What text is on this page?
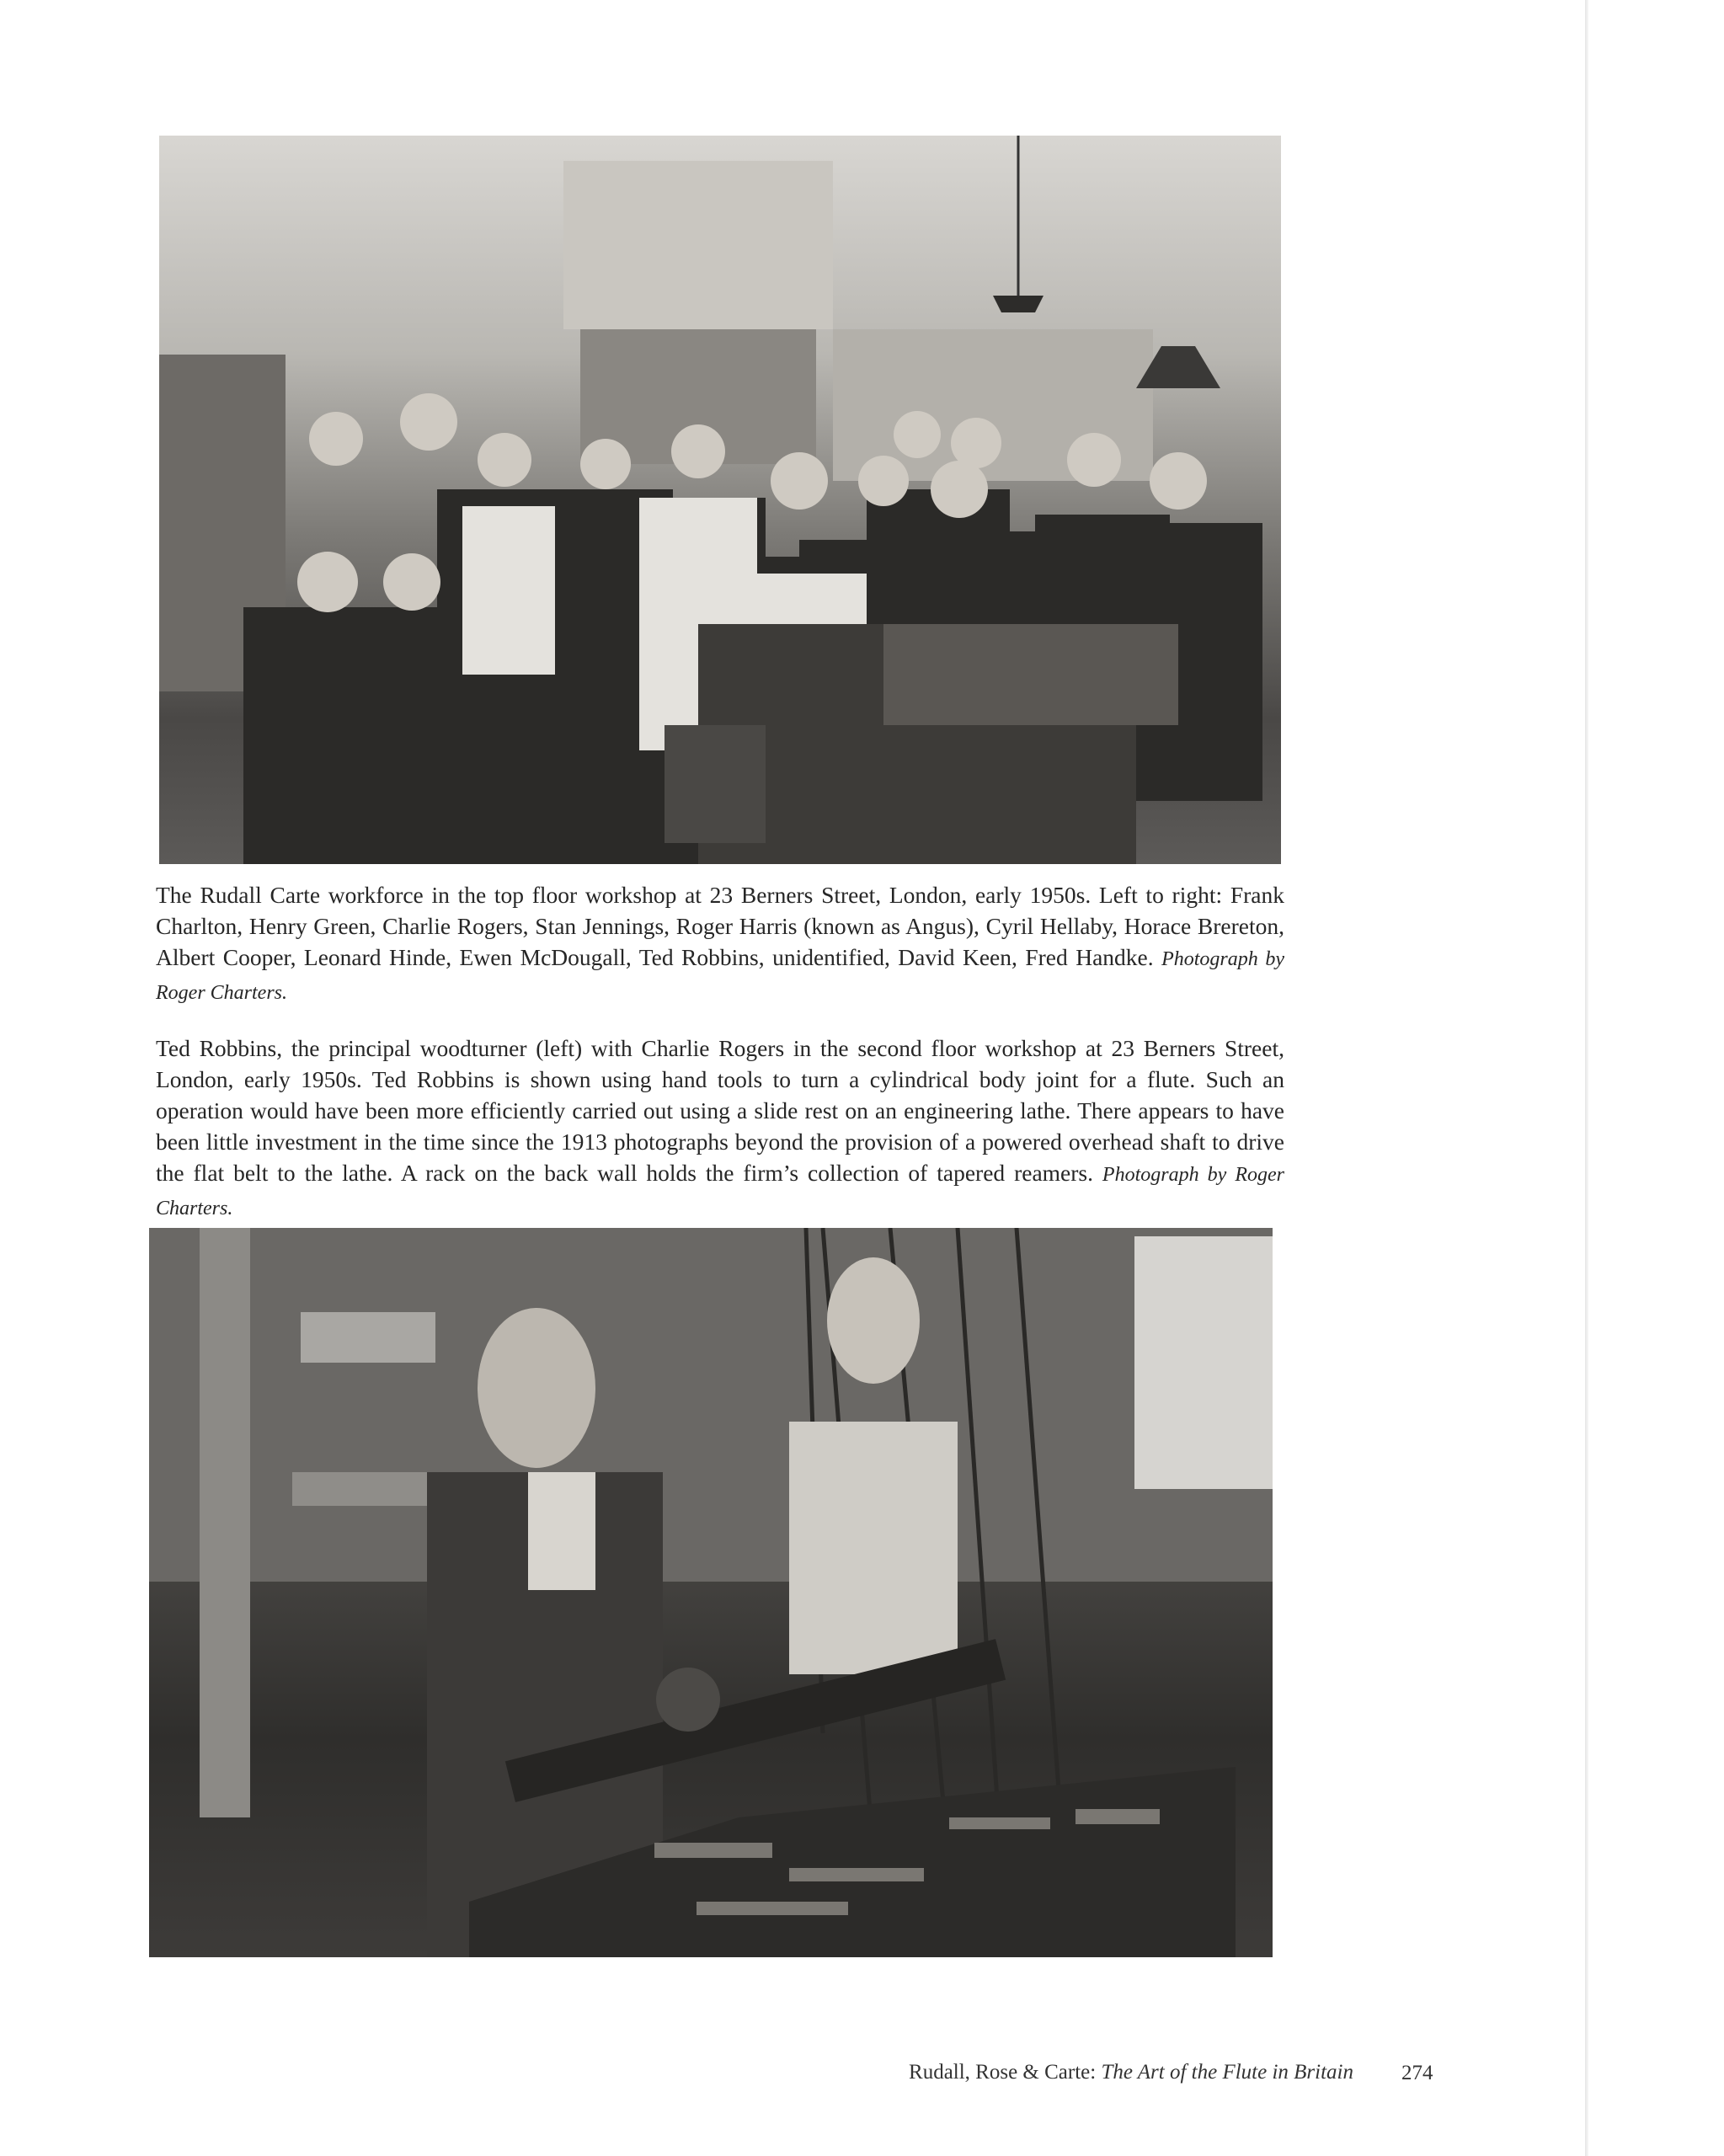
The Rudall Carte workforce in the top floor workshop at 23 Berners Street, London, early 1950s. Left to right: Frank Charlton, Henry Green, Charlie Rogers, Stan Jennings, Roger Harris (known as Angus), Cyril Hellaby, Horace Brereton, Albert Cooper, Leonard Hinde, Ewen McDougall, Ted Robbins, unidentified, David Keen, Fred Handke. Photograph by Roger Charters.

Ted Robbins, the principal woodturner (left) with Charlie Rogers in the second floor workshop at 23 Berners Street, London, early 1950s. Ted Robbins is shown using hand tools to turn a cylindrical body joint for a flute. Such an operation would have been more efficiently carried out using a slide rest on an engineering lathe. There appears to have been little investment in the time since the 1913 photographs beyond the provision of a powered overhead shaft to drive the flat belt to the lathe. A rack on the back wall holds the firm’s collection of tapered reamers. Photograph by Roger Charters.

Rudall, Rose & Carte: The Art of the Flute in Britain 274
